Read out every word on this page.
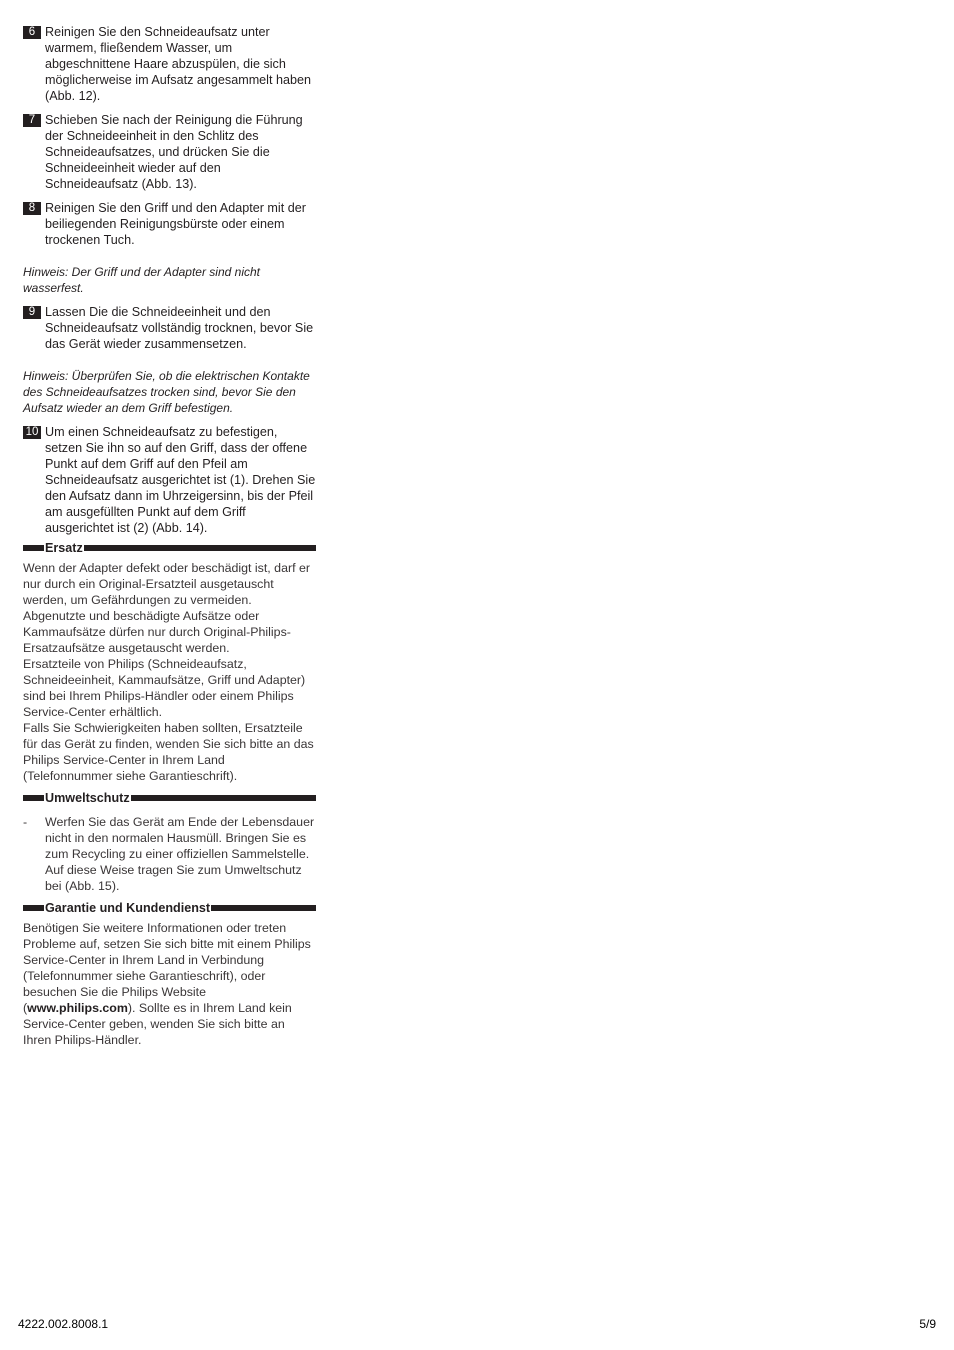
6 Reinigen Sie den Schneideaufsatz unter warmem, fließendem Wasser, um abgeschnittene Haare abzuspülen, die sich möglicherweise im Aufsatz angesammelt haben (Abb. 12).
7 Schieben Sie nach der Reinigung die Führung der Schneideeinheit in den Schlitz des Schneideaufsatzes, und drücken Sie die Schneideeinheit wieder auf den Schneideaufsatz (Abb. 13).
8 Reinigen Sie den Griff und den Adapter mit der beiliegenden Reinigungsbürste oder einem trockenen Tuch.
Hinweis: Der Griff und der Adapter sind nicht wasserfest.
9 Lassen Die die Schneideeinheit und den Schneideaufsatz vollständig trocknen, bevor Sie das Gerät wieder zusammensetzen.
Hinweis: Überprüfen Sie, ob die elektrischen Kontakte des Schneideaufsatzes trocken sind, bevor Sie den Aufsatz wieder an dem Griff befestigen.
10 Um einen Schneideaufsatz zu befestigen, setzen Sie ihn so auf den Griff, dass der offene Punkt auf dem Griff auf den Pfeil am Schneideaufsatz ausgerichtet ist (1). Drehen Sie den Aufsatz dann im Uhrzeigersinn, bis der Pfeil am ausgefüllten Punkt auf dem Griff ausgerichtet ist (2) (Abb. 14).
Ersatz
Wenn der Adapter defekt oder beschädigt ist, darf er nur durch ein Original-Ersatzteil ausgetauscht werden, um Gefährdungen zu vermeiden.
Abgenutzte und beschädigte Aufsätze oder Kammaufsätze dürfen nur durch Original-Philips-Ersatzaufsätze ausgetauscht werden.
Ersatzteile von Philips (Schneideaufsatz, Schneideeinheit, Kammaufsätze, Griff und Adapter) sind bei Ihrem Philips-Händler oder einem Philips Service-Center erhältlich.
Falls Sie Schwierigkeiten haben sollten, Ersatzteile für das Gerät zu finden, wenden Sie sich bitte an das Philips Service-Center in Ihrem Land (Telefonnummer siehe Garantieschrift).
Umweltschutz
-	Werfen Sie das Gerät am Ende der Lebensdauer nicht in den normalen Hausmüll. Bringen Sie es zum Recycling zu einer offiziellen Sammelstelle. Auf diese Weise tragen Sie zum Umweltschutz bei (Abb. 15).
Garantie und Kundendienst
Benötigen Sie weitere Informationen oder treten Probleme auf, setzen Sie sich bitte mit einem Philips Service-Center in Ihrem Land in Verbindung (Telefonnummer siehe Garantieschrift), oder besuchen Sie die Philips Website (www.philips.com). Sollte es in Ihrem Land kein Service-Center geben, wenden Sie sich bitte an Ihren Philips-Händler.
4222.002.8008.1	5/9
